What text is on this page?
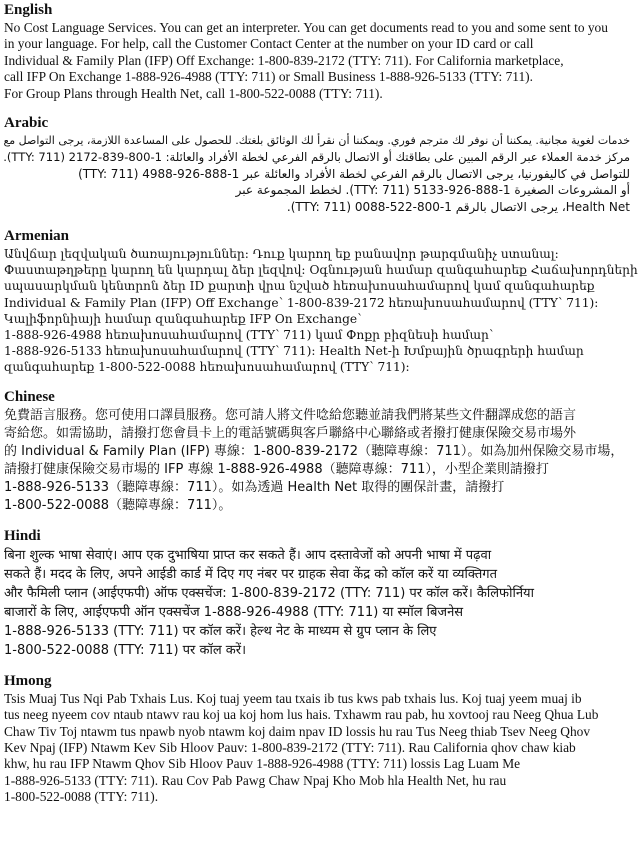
English
No Cost Language Services. You can get an interpreter. You can get documents read to you and some sent to you
in your language. For help, call the Customer Contact Center at the number on your ID card or call
Individual & Family Plan (IFP) Off Exchange: 1-800-839-2172 (TTY: 711). For California marketplace,
call IFP On Exchange 1-888-926-4988 (TTY: 711) or Small Business 1-888-926-5133 (TTY: 711).
For Group Plans through Health Net, call 1-800-522-0088 (TTY: 711).
Arabic
خدمات لغوية مجانية. يمكننا أن نوفر لك مترجم فوري. ويمكننا أن نقرأ لك الوثائق بلغتك. للحصول على المساعدة اللازمة، يرجى التواصل مع
مركز خدمة العملاء عبر الرقم المبين على بطاقتك أو الاتصال بالرقم الفرعي لخطة الأفراد والعائلة: 1-800-839-2172 (TTY: 711).
للتواصل في كاليفورنيا، يرجى الاتصال بالرقم الفرعي لخطة الأفراد والعائلة عبر 1-888-926-4988 (TTY: 711)
أو المشروعات الصغيرة 1-888-926-5133 (TTY: 711). لخطط المجموعة عبر
Health Net، يرجى الاتصال بالرقم 1-800-522-0088 (TTY: 711).
Armenian
Անվճար լեզվական ծառայություններ: Դուք կարող եք բանավոր թարգմանիչ ստանալ:
Փաստաթղթերը կարող են կարդալ ձեր լեզվով: Օգնության համար զանգահարեք Հաճախորդների
սպասարկման կենտրոն ձեր ID քարտի վրա նշված հեռախոսահամարով կամ զանգահարեք
Individual & Family Plan (IFP) Off Exchange՝ 1-800-839-2172 հեռախոսահամարով (TTY՝ 711):
Կալիֆորնիայի համար զանգահարեք IFP On Exchange՝
1-888-926-4988 հեռախոսահամարով (TTY՝ 711) կամ Փոքր բիզնեսի համար՝
1-888-926-5133 հեռախոսահամարով (TTY՝ 711): Health Net-ի Խմբային ծրագրերի համար
զանգահարեք 1-800-522-0088 հեռախոսահամարով (TTY՝ 711):
Chinese
免費語言服務。您可使用口譯員服務。您可請人將文件唸給您聽並請我們將某些文件翻譯成您的語言
寄給您。如需協助，請撥打您會員卡上的電話號碼與客戶聯絡中心聯絡或者撥打健康保險交易市場外
的 Individual & Family Plan (IFP) 專線：1-800-839-2172（聽障專線：711）。如為加州保險交易市場，
請撥打健康保險交易市場的 IFP 專線 1-888-926-4988（聽障專線：711），小型企業則請撥打
1-888-926-5133（聽障專線：711）。如為透過 Health Net 取得的團保計畫，請撥打
1-800-522-0088（聽障專線：711）。
Hindi
बिना शुल्क भाषा सेवाएं। आप एक दुभाषिया प्राप्त कर सकते हैं। आप दस्तावेजों को अपनी भाषा में पढ़वा
सकते हैं। मदद के लिए, अपने आईडी कार्ड में दिए गए नंबर पर ग्राहक सेवा केंद्र को कॉल करें या व्यक्तिगत
और फैमिली प्लान (आईएफपी) ऑफ एक्सचेंज: 1-800-839-2172 (TTY: 711) पर कॉल करें। कैलिफोर्निया
बाजारों के लिए, आईएफपी ऑन एक्सचेंज 1-888-926-4988 (TTY: 711) या स्मॉल बिजनेस
1-888-926-5133 (TTY: 711) पर कॉल करें। हेल्थ नेट के माध्यम से ग्रुप प्लान के लिए
1-800-522-0088 (TTY: 711) पर कॉल करें।
Hmong
Tsis Muaj Tus Nqi Pab Txhais Lus. Koj tuaj yeem tau txais ib tus kws pab txhais lus. Koj tuaj yeem muaj ib
tus neeg nyeem cov ntaub ntawv rau koj ua koj hom lus hais. Txhawm rau pab, hu xovtooj rau Neeg Qhua Lub
Chaw Tiv Toj ntawm tus npawb nyob ntawm koj daim npav ID lossis hu rau Tus Neeg thiab Tsev Neeg Qhov
Kev Npaj (IFP) Ntawm Kev Sib Hloov Pauv: 1-800-839-2172 (TTY: 711). Rau California qhov chaw kiab
khw, hu rau IFP Ntawm Qhov Sib Hloov Pauv 1-888-926-4988 (TTY: 711) lossis Lag Luam Me
1-888-926-5133 (TTY: 711). Rau Cov Pab Pawg Chaw Npaj Kho Mob hla Health Net, hu rau
1-800-522-0088 (TTY: 711).
